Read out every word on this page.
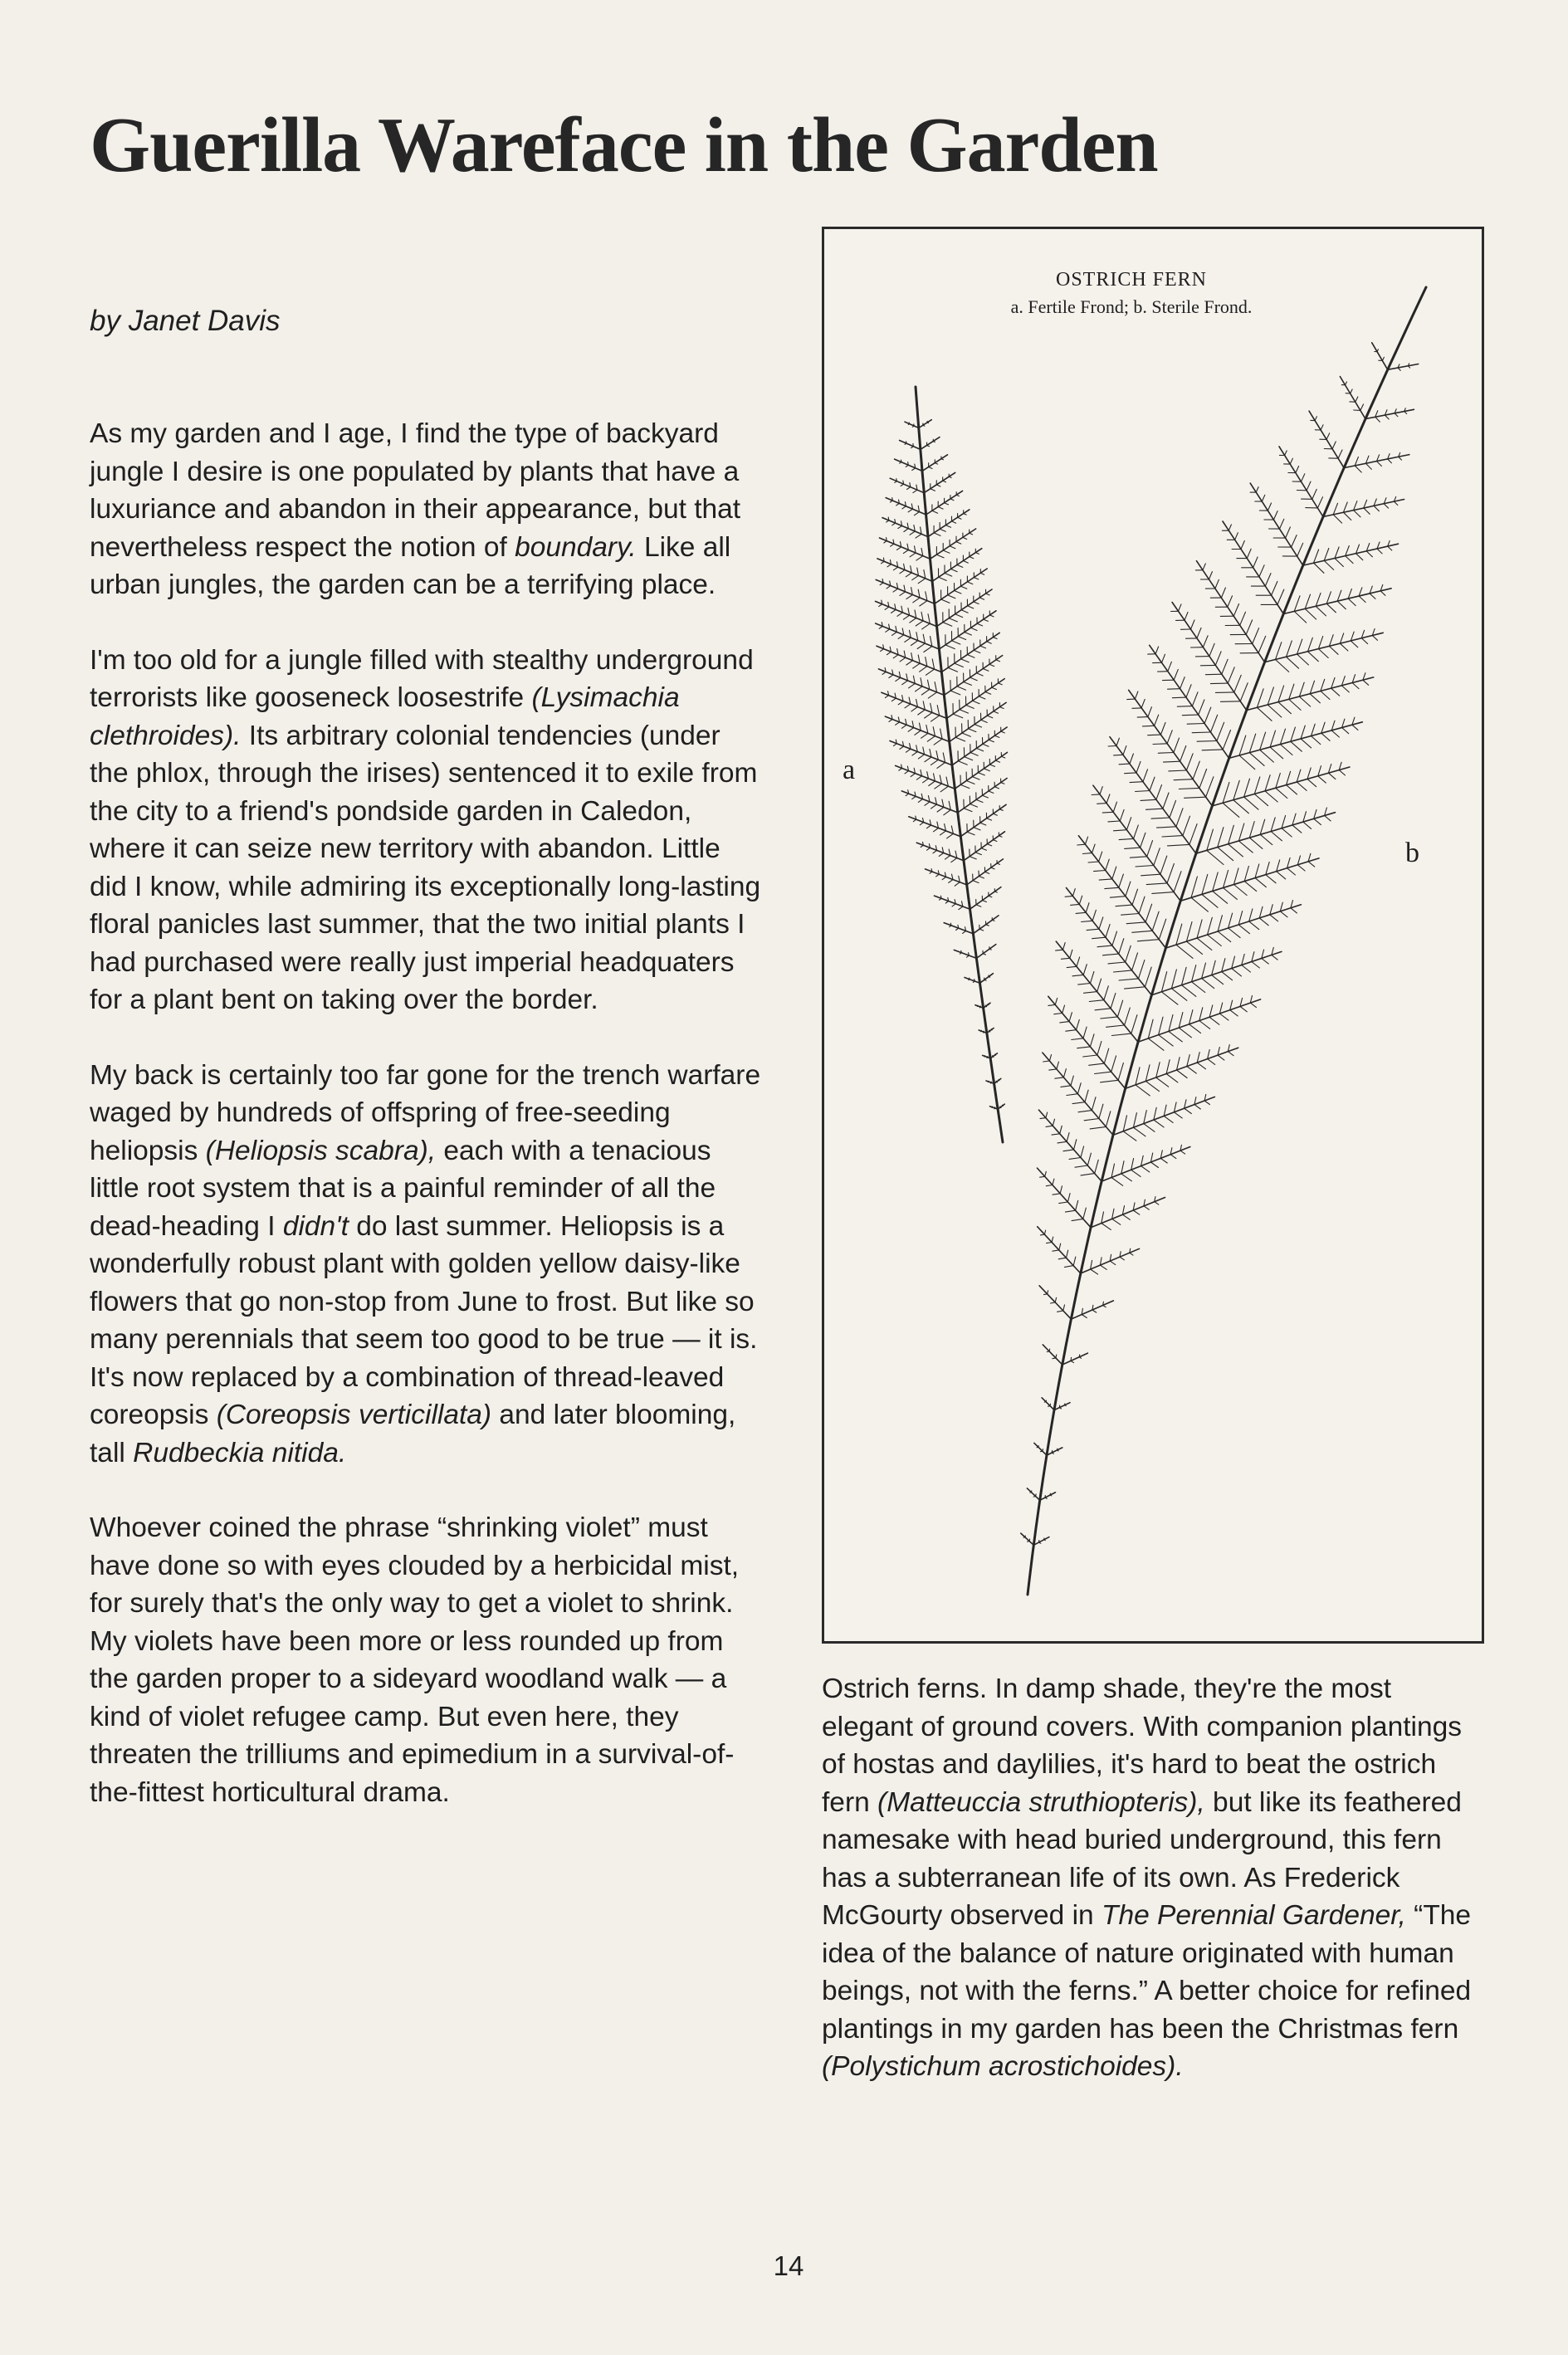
Guerilla Wareface in the Garden
by Janet Davis

As my garden and I age, I find the type of backyard jungle I desire is one populated by plants that have a luxuriance and abandon in their appearance, but that nevertheless respect the notion of boundary. Like all urban jungles, the garden can be a terrifying place.

I'm too old for a jungle filled with stealthy underground terrorists like gooseneck loosestrife (Lysimachia clethroides). Its arbitrary colonial tendencies (under the phlox, through the irises) sentenced it to exile from the city to a friend's pondside garden in Caledon, where it can seize new territory with abandon. Little did I know, while admiring its exceptionally long-lasting floral panicles last summer, that the two initial plants I had purchased were really just imperial headquaters for a plant bent on taking over the border.

My back is certainly too far gone for the trench warfare waged by hundreds of offspring of free-seeding heliopsis (Heliopsis scabra), each with a tenacious little root system that is a painful reminder of all the dead-heading I didn't do last summer. Heliopsis is a wonderfully robust plant with golden yellow daisy-like flowers that go non-stop from June to frost. But like so many perennials that seem too good to be true — it is. It's now replaced by a combination of thread-leaved coreopsis (Coreopsis verticillata) and later blooming, tall Rudbeckia nitida.

Whoever coined the phrase “shrinking violet” must have done so with eyes clouded by a herbicidal mist, for surely that's the only way to get a violet to shrink. My violets have been more or less rounded up from the garden proper to a sideyard woodland walk — a kind of violet refugee camp. But even here, they threaten the trilliums and epimedium in a survival-of-the-fittest horticultural drama.

OSTRICH FERN
a. Fertile Frond; b. Sterile Frond.
a
b

Ostrich ferns. In damp shade, they're the most elegant of ground covers. With companion plantings of hostas and daylilies, it's hard to beat the ostrich fern (Matteuccia struthiopteris), but like its feathered namesake with head buried underground, this fern has a subterranean life of its own. As Frederick McGourty observed in The Perennial Gardener, “The idea of the balance of nature originated with human beings, not with the ferns.” A better choice for refined plantings in my garden has been the Christmas fern (Polystichum acrostichoides).

14
